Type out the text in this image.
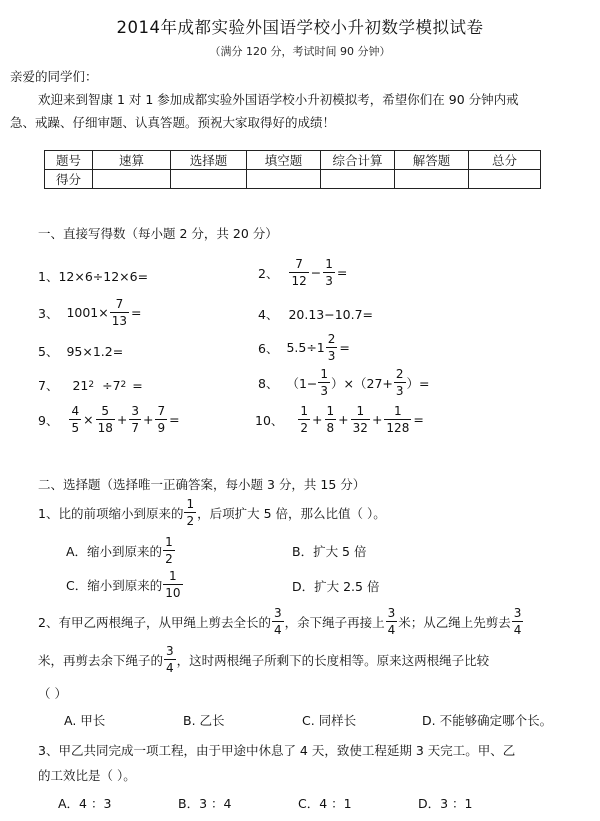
2014年成都实验外国语学校小升初数学模拟试卷
（满分 120 分，考试时间 90 分钟）
亲爱的同学们：
欢迎来到智康 1 对 1 参加成都实验外国语学校小升初模拟考，希望你们在 90 分钟内戒
急、戒躁、仔细审题、认真答题。预祝大家取得好的成绩！
题号	速算	选择题	填空题	综合计算	解答题	总分
得分						
一、直接写得数（每小题 2 分，共 20 分）
1、 12×6÷12×6=	2、 $\frac{7}{12} - \frac{1}{3}$ =
3、 $1001\times \frac{7}{13}$ =	4、 20.13−10.7=
5、 95×1.2=	6、 $5.5\div 1 \frac{2}{3}$ =
7、 21 2 ÷7 2 =	8、 $(1- \frac{1}{3} )\times(27+ \frac{2}{3}$ ）=
9、 $\frac{4}{5} \times \frac{5}{18} + \frac{3}{7} + \frac{7}{9}$ =	10、 $\frac{1}{2} + \frac{1}{8} + \frac{1}{32} + \frac{1}{128}$ =
二、选择题（选择唯一正确答案，每小题 3 分，共 15 分）
1、比的前项缩小到原来的 $\frac{1}{2}$ ，后项扩大 5 倍，那么比值（ ）。
A．缩小到原来的 $\frac{1}{2}$	B．扩大 5 倍
C．缩小到原来的 $\frac{1}{10}$	D．扩大 2.5 倍
2、有甲乙两根绳子，从甲绳上剪去全长的 $\frac{3}{4}$ ，余下绳子再接上 $\frac{3}{4}$ 米；从乙绳上先剪去 $\frac{3}{4}$
米，再剪去余下绳子的 $\frac{3}{4}$ ，这时两根绳子所剩下的长度相等。原来这两根绳子比较
（ ）
A. 甲长	B. 乙长	C. 同样长	D. 不能够确定哪个长。
3、甲乙共同完成一项工程，由于甲途中休息了 4 天，致使工程延期 3 天完工。甲、乙
的工效比是（ ）。
A．4 ：3	B．3 ：4	C．4 ：1	D．3 ：1
